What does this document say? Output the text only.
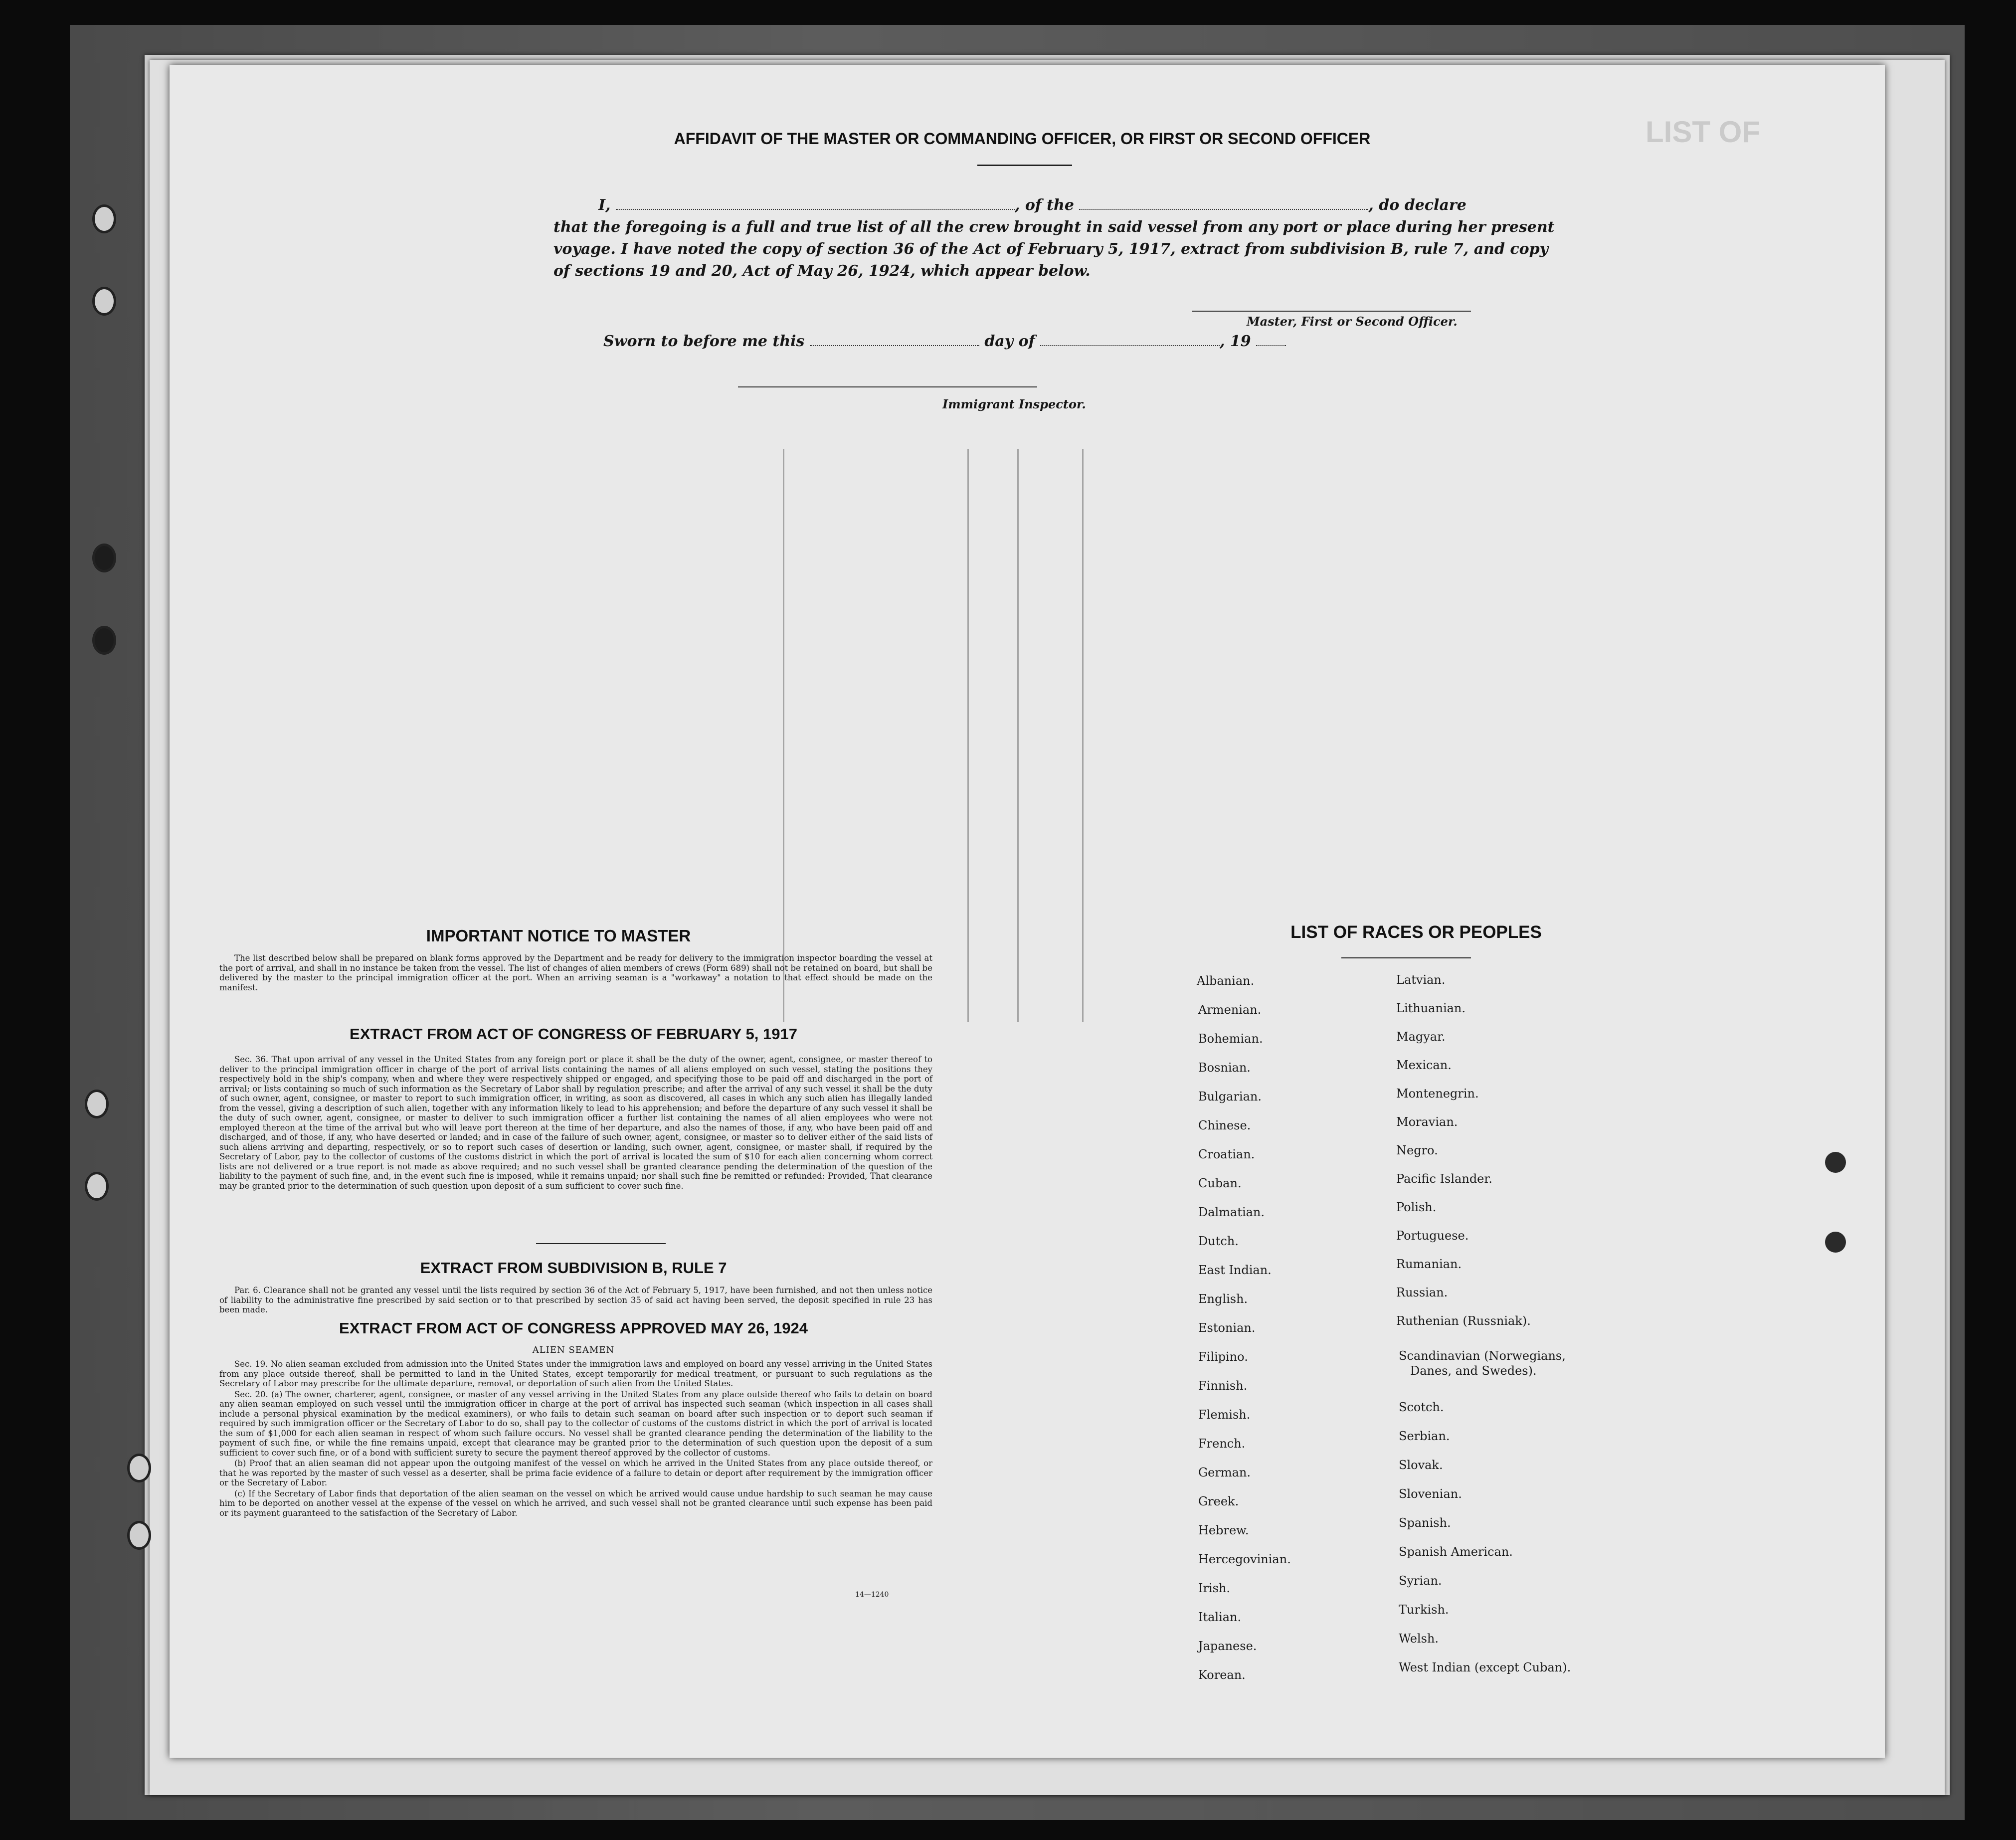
LIST OF
AFFIDAVIT OF THE MASTER OR COMMANDING OFFICER, OR FIRST OR SECOND OFFICER
I,	, of the	, do declare
that the foregoing is a full and true list of all the crew brought in said vessel from any port or place during her present
voyage. I have noted the copy of section 36 of the Act of February 5, 1917, extract from subdivision B, rule 7, and copy
of sections 19 and 20, Act of May 26, 1924, which appear below.
Master, First or Second Officer.
Sworn to before me this	day of	, 19
Immigrant Inspector.
IMPORTANT NOTICE TO MASTER

The list described below shall be prepared on blank forms approved by the Department and be ready for delivery to the immigration inspector boarding the vessel at the port of arrival, and shall in no instance be taken from the vessel. The list of changes of alien members of crews (Form 689) shall not be retained on board, but shall be delivered by the master to the principal immigration officer at the port. When an arriving seaman is a "workaway" a notation to that effect should be made on the manifest.

EXTRACT FROM ACT OF CONGRESS OF FEBRUARY 5, 1917

Sec. 36. That upon arrival of any vessel in the United States from any foreign port or place it shall be the duty of the owner, agent, consignee, or master thereof to deliver to the principal immigration officer in charge of the port of arrival lists containing the names of all aliens employed on such vessel, stating the positions they respectively hold in the ship's company, when and where they were respectively shipped or engaged, and specifying those to be paid off and discharged in the port of arrival; or lists containing so much of such information as the Secretary of Labor shall by regulation prescribe; and after the arrival of any such vessel it shall be the duty of such owner, agent, consignee, or master to report to such immigration officer, in writing, as soon as discovered, all cases in which any such alien has illegally landed from the vessel, giving a description of such alien, together with any information likely to lead to his apprehension; and before the departure of any such vessel it shall be the duty of such owner, agent, consignee, or master to deliver to such immigration officer a further list containing the names of all alien employees who were not employed thereon at the time of the arrival but who will leave port thereon at the time of her departure, and also the names of those, if any, who have been paid off and discharged, and of those, if any, who have deserted or landed; and in case of the failure of such owner, agent, consignee, or master so to deliver either of the said lists of such aliens arriving and departing, respectively, or so to report such cases of desertion or landing, such owner, agent, consignee, or master shall, if required by the Secretary of Labor, pay to the collector of customs of the customs district in which the port of arrival is located the sum of $10 for each alien concerning whom correct lists are not delivered or a true report is not made as above required; and no such vessel shall be granted clearance pending the determination of the question of the liability to the payment of such fine, and, in the event such fine is imposed, while it remains unpaid; nor shall such fine be remitted or refunded: Provided, That clearance may be granted prior to the determination of such question upon deposit of a sum sufficient to cover such fine.

EXTRACT FROM SUBDIVISION B, RULE 7

Par. 6. Clearance shall not be granted any vessel until the lists required by section 36 of the Act of February 5, 1917, have been furnished, and not then unless notice of liability to the administrative fine prescribed by said section or to that prescribed by section 35 of said act having been served, the deposit specified in rule 23 has been made.

EXTRACT FROM ACT OF CONGRESS APPROVED MAY 26, 1924
ALIEN SEAMEN

Sec. 19. No alien seaman excluded from admission into the United States under the immigration laws and employed on board any vessel arriving in the United States from any place outside thereof, shall be permitted to land in the United States, except temporarily for medical treatment, or pursuant to such regulations as the Secretary of Labor may prescribe for the ultimate departure, removal, or deportation of such alien from the United States.

Sec. 20. (a) The owner, charterer, agent, consignee, or master of any vessel arriving in the United States from any place outside thereof who fails to detain on board any alien seaman employed on such vessel until the immigration officer in charge at the port of arrival has inspected such seaman (which inspection in all cases shall include a personal physical examination by the medical examiners), or who fails to detain such seaman on board after such inspection or to deport such seaman if required by such immigration officer or the Secretary of Labor to do so, shall pay to the collector of customs of the customs district in which the port of arrival is located the sum of $1,000 for each alien seaman in respect of whom such failure occurs. No vessel shall be granted clearance pending the determination of the liability to the payment of such fine, or while the fine remains unpaid, except that clearance may be granted prior to the determination of such question upon the deposit of a sum sufficient to cover such fine, or of a bond with sufficient surety to secure the payment thereof approved by the collector of customs.

(b) Proof that an alien seaman did not appear upon the outgoing manifest of the vessel on which he arrived in the United States from any place outside thereof, or that he was reported by the master of such vessel as a deserter, shall be prima facie evidence of a failure to detain or deport after requirement by the immigration officer or the Secretary of Labor.

(c) If the Secretary of Labor finds that deportation of the alien seaman on the vessel on which he arrived would cause undue hardship to such seaman he may cause him to be deported on another vessel at the expense of the vessel on which he arrived, and such vessel shall not be granted clearance until such expense has been paid or its payment guaranteed to the satisfaction of the Secretary of Labor.

14—1240
LIST OF RACES OR PEOPLES
Albanian.
Armenian.
Bohemian.
Bosnian.
Bulgarian.
Chinese.
Croatian.
Cuban.
Dalmatian.
Dutch.
East Indian.
English.
Estonian.
Filipino.
Finnish.
Flemish.
French.
German.
Greek.
Hebrew.
Hercegovinian.
Irish.
Italian.
Japanese.
Korean.
Latvian.
Lithuanian.
Magyar.
Mexican.
Montenegrin.
Moravian.
Negro.
Pacific Islander.
Polish.
Portuguese.
Rumanian.
Russian.
Ruthenian (Russniak).
Scandinavian (Norwegians,
Danes, and Swedes).
Scotch.
Serbian.
Slovak.
Slovenian.
Spanish.
Spanish American.
Syrian.
Turkish.
Welsh.
West Indian (except Cuban).
